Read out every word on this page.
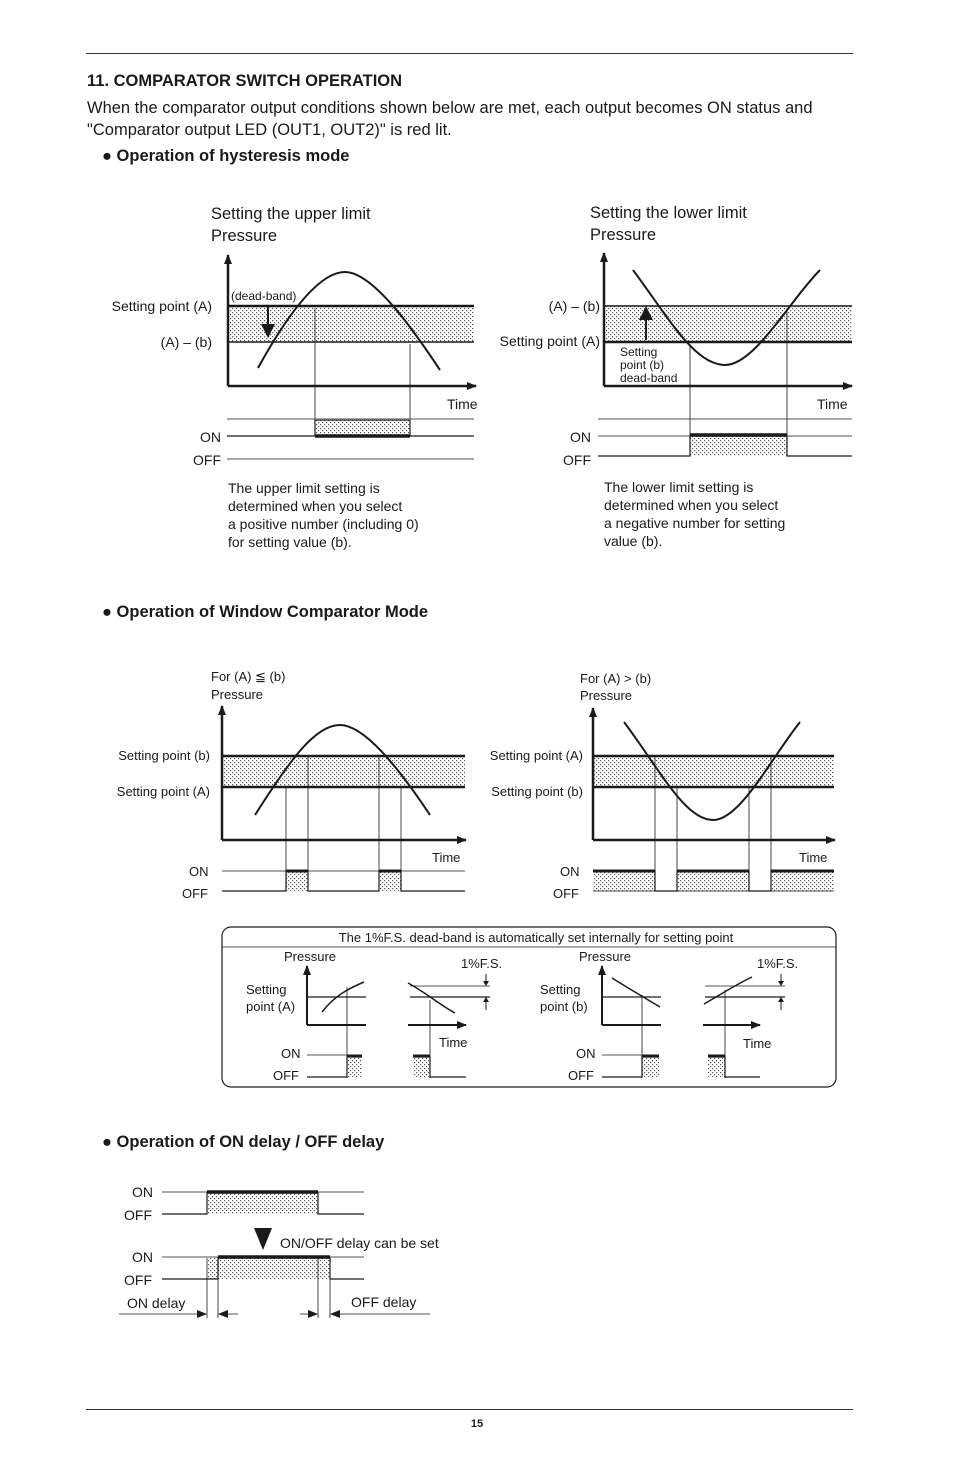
11. COMPARATOR SWITCH OPERATION
When the comparator output conditions shown below are met, each output becomes ON status and "Comparator output LED (OUT1, OUT2)" is red lit.
● Operation of hysteresis mode
● Operation of Window Comparator Mode
● Operation of ON delay / OFF delay
Setting the upper limit
Pressure
Setting point (A)
(A) – (b)
(dead-band)
Time
ON
OFF
The upper limit setting is
determined when you select
a positive number (including 0)
for setting value (b).
Setting the lower limit
Pressure
(A) – (b)
Setting point (A)
Setting
point (b)
dead-band
Time
ON
OFF
The lower limit setting is
determined when you select
a negative number for setting
value (b).
For (A) ≦ (b)
Pressure
Setting point (b)
Setting point (A)
Time
ON
OFF
For (A) > (b)
Pressure
Setting point (A)
Setting point (b)
Time
ON
OFF
The 1%F.S. dead-band is automatically set internally for setting point
Pressure
Setting
point (A)
ON
OFF
1%F.S.
Time
Pressure
Setting
point (b)
ON
OFF
1%F.S.
Time
ON
OFF
ON/OFF delay can be set
ON
OFF
ON delay	OFF delay
15
